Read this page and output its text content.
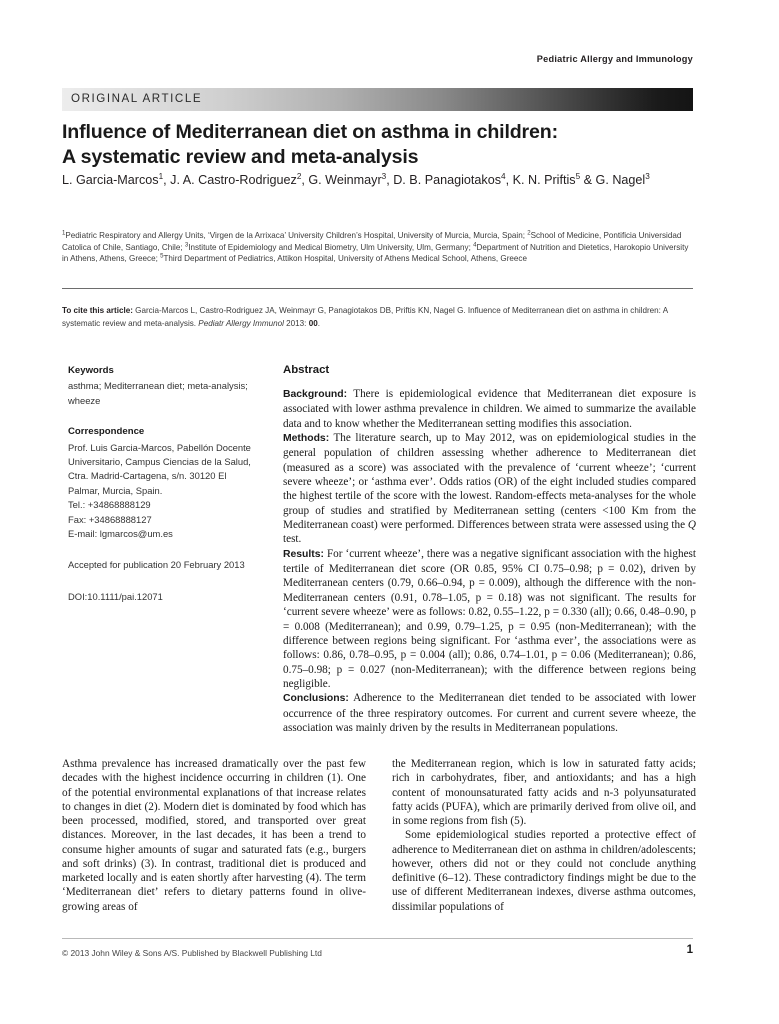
Pediatric Allergy and Immunology
ORIGINAL ARTICLE
Influence of Mediterranean diet on asthma in children:
A systematic review and meta-analysis
L. Garcia-Marcos$^1$, J. A. Castro-Rodriguez$^2$, G. Weinmayr$^3$, D. B. Panagiotakos$^4$, K. N. Priftis$^5$ & G. Nagel$^3$
$^1$Pediatric Respiratory and Allergy Units, ‘Virgen de la Arrixaca’ University Children’s Hospital, University of Murcia, Murcia, Spain; $^2$School of Medicine, Pontificia Universidad Catolica of Chile, Santiago, Chile; $^3$Institute of Epidemiology and Medical Biometry, Ulm University, Ulm, Germany; $^4$Department of Nutrition and Dietetics, Harokopio University in Athens, Athens, Greece; $^5$Third Department of Pediatrics, Attikon Hospital, University of Athens Medical School, Athens, Greece
To cite this article: Garcia-Marcos L, Castro-Rodriguez JA, Weinmayr G, Panagiotakos DB, Priftis KN, Nagel G. Influence of Mediterranean diet on asthma in children: A systematic review and meta-analysis. Pediatr Allergy Immunol 2013: 00.
Keywords
asthma; Mediterranean diet; meta-analysis; wheeze
Correspondence
Prof. Luis Garcia-Marcos, Pabellón Docente Universitario, Campus Ciencias de la Salud, Ctra. Madrid-Cartagena, s/n. 30120 El Palmar, Murcia, Spain.
Tel.: +34868888129
Fax: +34868888127
E-mail: lgmarcos@um.es
Accepted for publication 20 February 2013
DOI:10.1111/pai.12071
Abstract

Background: There is epidemiological evidence that Mediterranean diet exposure is associated with lower asthma prevalence in children. We aimed to summarize the available data and to know whether the Mediterranean setting modifies this association.

Methods: The literature search, up to May 2012, was on epidemiological studies in the general population of children assessing whether adherence to Mediterranean diet (measured as a score) was associated with the prevalence of ‘current wheeze’; ‘current severe wheeze’; or ‘asthma ever’. Odds ratios (OR) of the eight included studies compared the highest tertile of the score with the lowest. Random-effects meta-analyses for the whole group of studies and stratified by Mediterranean setting (centers <100 Km from the Mediterranean coast) were performed. Differences between strata were assessed using the Q test.

Results: For ‘current wheeze’, there was a negative significant association with the highest tertile of Mediterranean diet score (OR 0.85, 95% CI 0.75–0.98; p = 0.02), driven by Mediterranean centers (0.79, 0.66–0.94, p = 0.009), although the difference with the non-Mediterranean centers (0.91, 0.78–1.05, p = 0.18) was not significant. The results for ‘current severe wheeze’ were as follows: 0.82, 0.55–1.22, p = 0.330 (all); 0.66, 0.48–0.90, p = 0.008 (Mediterranean); and 0.99, 0.79–1.25, p = 0.95 (non-Mediterranean); with the difference between regions being significant. For ‘asthma ever’, the associations were as follows: 0.86, 0.78–0.95, p = 0.004 (all); 0.86, 0.74–1.01, p = 0.06 (Mediterranean); 0.86, 0.75–0.98; p = 0.027 (non-Mediterranean); with the difference between regions being negligible.

Conclusions: Adherence to the Mediterranean diet tended to be associated with lower occurrence of the three respiratory outcomes. For current and current severe wheeze, the association was mainly driven by the results in Mediterranean populations.

Asthma prevalence has increased dramatically over the past few decades with the highest incidence occurring in children (1). One of the potential environmental explanations of that increase relates to changes in diet (2). Modern diet is dominated by food which has been processed, modified, stored, and transported over great distances. Moreover, in the last decades, it has been a trend to consume higher amounts of sugar and saturated fats (e.g., burgers and soft drinks) (3). In contrast, traditional diet is produced and marketed locally and is eaten shortly after harvesting (4). The term ‘Mediterranean diet’ refers to dietary patterns found in olive-growing areas of

the Mediterranean region, which is low in saturated fatty acids; rich in carbohydrates, fiber, and antioxidants; and has a high content of monounsaturated fatty acids and n-3 polyunsaturated fatty acids (PUFA), which are primarily derived from olive oil, and in some regions from fish (5).

Some epidemiological studies reported a protective effect of adherence to Mediterranean diet on asthma in children/adolescents; however, others did not or they could not conclude anything definitive (6–12). These contradictory findings might be due to the use of different Mediterranean indexes, diverse asthma outcomes, dissimilar populations of

© 2013 John Wiley & Sons A/S. Published by Blackwell Publishing Ltd	1
